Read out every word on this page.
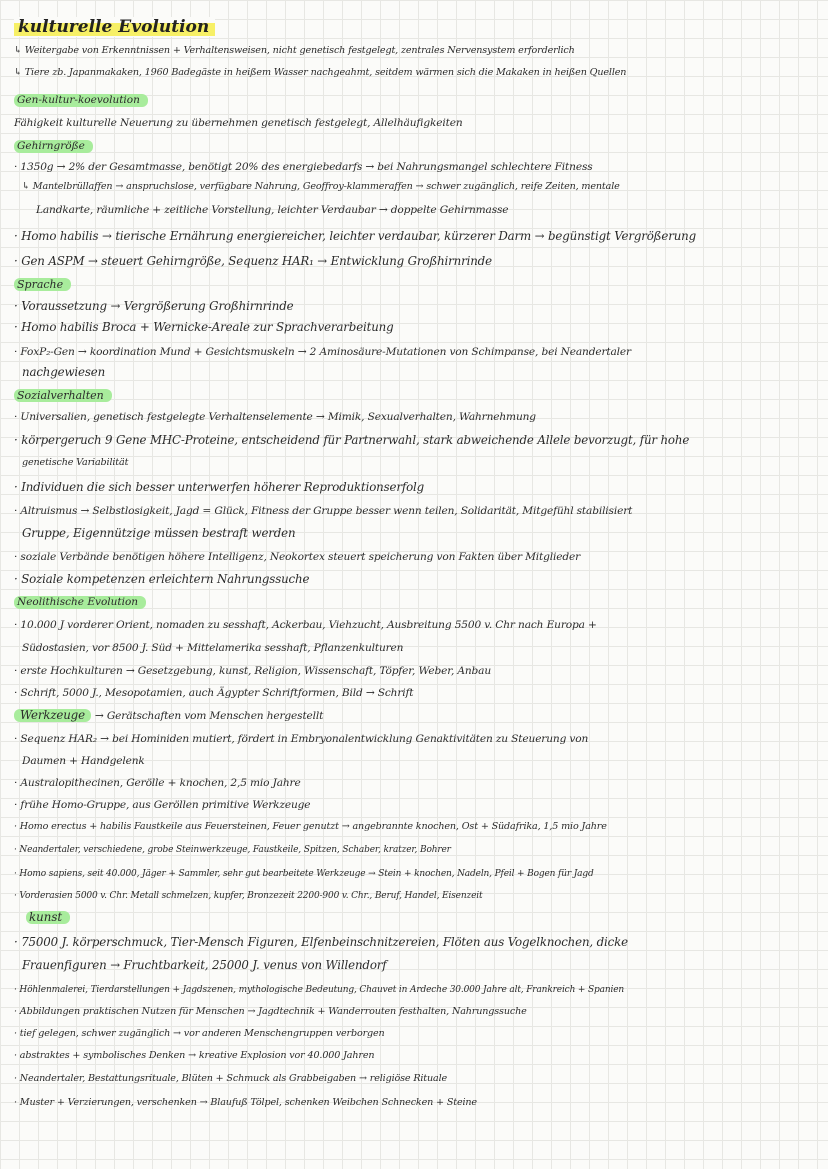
kulturelle Evolution
↳ Weitergabe von Erkenntnissen + Verhaltensweisen, nicht genetisch festgelegt, zentrales Nervensystem erforderlich
↳ Tiere zb. Japanmakaken, 1960 Badegäste in heißem Wasser nachgeahmt, seitdem wärmen sich die Makaken in heißen Quellen
Gen-kultur-koevolution
Fähigkeit kulturelle Neuerung zu übernehmen genetisch festgelegt, Allelhäufigkeiten
Gehirngröße
· 1350g → 2% der Gesamtmasse, benötigt 20% des energiebedarfs → bei Nahrungsmangel schlechtere Fitness
↳ Mantelbrüllaffen → anspruchslose, verfügbare Nahrung, Geoffroy-klammeraffen → schwer zugänglich, reife Zeiten, mentale
Landkarte, räumliche + zeitliche Vorstellung, leichter Verdaubar → doppelte Gehirnmasse
· Homo habilis → tierische Ernährung energiereicher, leichter verdaubar, kürzerer Darm → begünstigt Vergrößerung
· Gen ASPM → steuert Gehirngröße, Sequenz HAR₁ → Entwicklung Großhirnrinde
Sprache
· Voraussetzung → Vergrößerung Großhirnrinde
· Homo habilis Broca + Wernicke-Areale zur Sprachverarbeitung
· FoxP₂-Gen → koordination Mund + Gesichtsmuskeln → 2 Aminosäure-Mutationen von Schimpanse, bei Neandertaler
nachgewiesen
Sozialverhalten
· Universalien, genetisch festgelegte Verhaltenselemente → Mimik, Sexualverhalten, Wahrnehmung
· körpergeruch 9 Gene MHC-Proteine, entscheidend für Partnerwahl, stark abweichende Allele bevorzugt, für hohe
genetische Variabilität
· Individuen die sich besser unterwerfen höherer Reproduktionserfolg
· Altruismus → Selbstlosigkeit, Jagd = Glück, Fitness der Gruppe besser wenn teilen, Solidarität, Mitgefühl stabilisiert
Gruppe, Eigennützige müssen bestraft werden
· soziale Verbände benötigen höhere Intelligenz, Neokortex steuert speicherung von Fakten über Mitglieder
· Soziale kompetenzen erleichtern Nahrungssuche
Neolithische Evolution
· 10.000 J vorderer Orient, nomaden zu sesshaft, Ackerbau, Viehzucht, Ausbreitung 5500 v. Chr nach Europa +
Südostasien, vor 8500 J. Süd + Mittelamerika sesshaft, Pflanzenkulturen
· erste Hochkulturen → Gesetzgebung, kunst, Religion, Wissenschaft, Töpfer, Weber, Anbau
· Schrift, 5000 J., Mesopotamien, auch Ägypter Schriftformen, Bild → Schrift
Werkzeuge → Gerätschaften vom Menschen hergestellt
· Sequenz HAR₂ → bei Hominiden mutiert, fördert in Embryonalentwicklung Genaktivitäten zu Steuerung von
Daumen + Handgelenk
· Australopithecinen, Gerölle + knochen, 2,5 mio Jahre
· frühe Homo-Gruppe, aus Geröllen primitive Werkzeuge
· Homo erectus + habilis Faustkeile aus Feuersteinen, Feuer genutzt → angebrannte knochen, Ost + Südafrika, 1,5 mio Jahre
· Neandertaler, verschiedene, grobe Steinwerkzeuge, Faustkeile, Spitzen, Schaber, kratzer, Bohrer
· Homo sapiens, seit 40.000, Jäger + Sammler, sehr gut bearbeitete Werkzeuge → Stein + knochen, Nadeln, Pfeil + Bogen für Jagd
· Vorderasien 5000 v. Chr. Metall schmelzen, kupfer, Bronzezeit 2200-900 v. Chr., Beruf, Handel, Eisenzeit
kunst
· 75000 J. körperschmuck, Tier-Mensch Figuren, Elfenbeinschnitzereien, Flöten aus Vogelknochen, dicke
Frauenfiguren → Fruchtbarkeit, 25000 J. venus von Willendorf
· Höhlenmalerei, Tierdarstellungen + Jagdszenen, mythologische Bedeutung, Chauvet in Ardeche 30.000 Jahre alt, Frankreich + Spanien
· Abbildungen praktischen Nutzen für Menschen → Jagdtechnik + Wanderrouten festhalten, Nahrungssuche
· tief gelegen, schwer zugänglich → vor anderen Menschengruppen verborgen
· abstraktes + symbolisches Denken → kreative Explosion vor 40.000 Jahren
· Neandertaler, Bestattungsrituale, Blüten + Schmuck als Grabbeigaben → religiöse Rituale
· Muster + Verzierungen, verschenken → Blaufuß Tölpel, schenken Weibchen Schnecken + Steine
